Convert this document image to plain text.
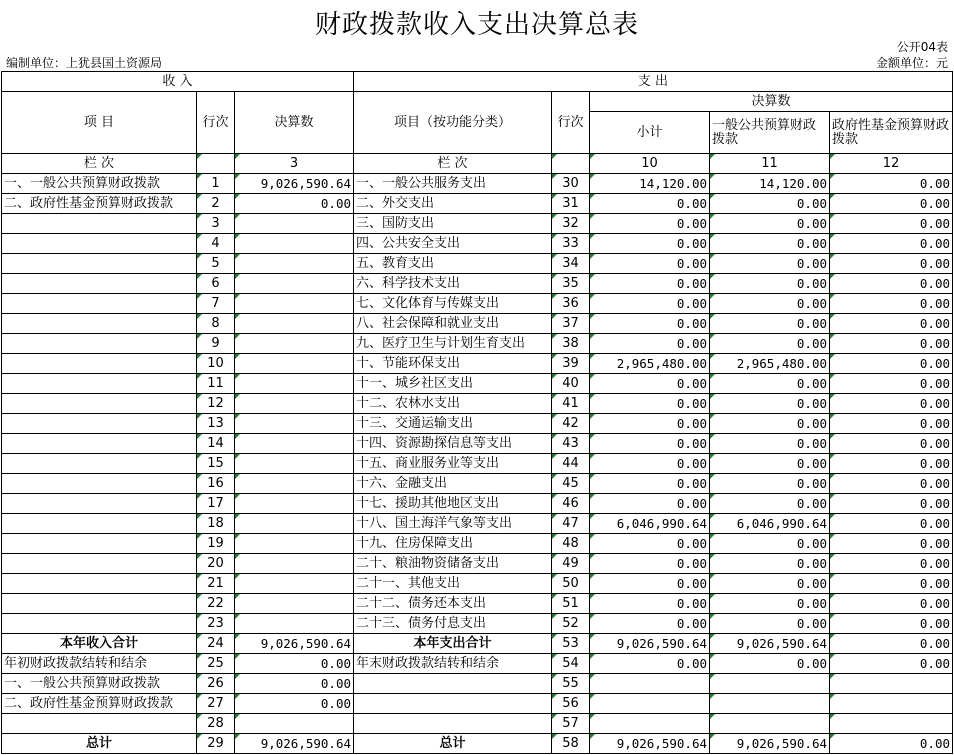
财政拨款收入支出决算总表
公开04表
编制单位：上犹县国土资源局	金额单位：元
收 入			支 出				
项 目	行次	决算数	项目（按功能分类）	行次	决算数		
					小计	一般公共预算财政拨款	政府性基金预算财政拨款
栏 次		3	栏 次		10	11	12
一、一般公共预算财政拨款	1	9,026,590.64	一、一般公共服务支出	30	14,120.00	14,120.00	0.00
二、政府性基金预算财政拨款	2	0.00	二、外交支出	31	0.00	0.00	0.00
	3		三、国防支出	32	0.00	0.00	0.00
	4		四、公共安全支出	33	0.00	0.00	0.00
	5		五、教育支出	34	0.00	0.00	0.00
	6		六、科学技术支出	35	0.00	0.00	0.00
	7		七、文化体育与传媒支出	36	0.00	0.00	0.00
	8		八、社会保障和就业支出	37	0.00	0.00	0.00
	9		九、医疗卫生与计划生育支出	38	0.00	0.00	0.00
	10		十、节能环保支出	39	2,965,480.00	2,965,480.00	0.00
	11		十一、城乡社区支出	40	0.00	0.00	0.00
	12		十二、农林水支出	41	0.00	0.00	0.00
	13		十三、交通运输支出	42	0.00	0.00	0.00
	14		十四、资源勘探信息等支出	43	0.00	0.00	0.00
	15		十五、商业服务业等支出	44	0.00	0.00	0.00
	16		十六、金融支出	45	0.00	0.00	0.00
	17		十七、援助其他地区支出	46	0.00	0.00	0.00
	18		十八、国土海洋气象等支出	47	6,046,990.64	6,046,990.64	0.00
	19		十九、住房保障支出	48	0.00	0.00	0.00
	20		二十、粮油物资储备支出	49	0.00	0.00	0.00
	21		二十一、其他支出	50	0.00	0.00	0.00
	22		二十二、债务还本支出	51	0.00	0.00	0.00
	23		二十三、债务付息支出	52	0.00	0.00	0.00
本年收入合计	24	9,026,590.64	本年支出合计	53	9,026,590.64	9,026,590.64	0.00
年初财政拨款结转和结余	25	0.00	年末财政拨款结转和结余	54	0.00	0.00	0.00
一、一般公共预算财政拨款	26	0.00		55			
二、政府性基金预算财政拨款	27	0.00		56			
	28			57			
总计	29	9,026,590.64	总计	58	9,026,590.64	9,026,590.64	0.00
